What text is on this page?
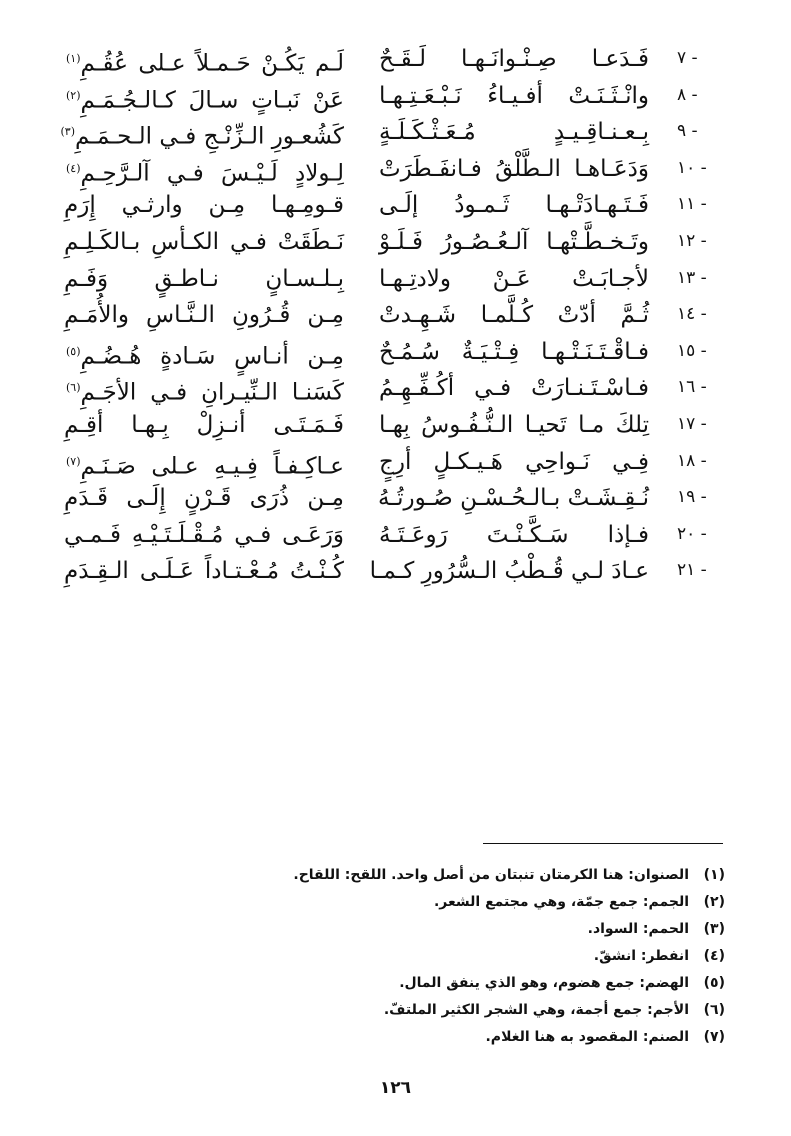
٧ -
فَـدَعـا صِـنْـوانَـهـا لَـقَـحٌ
لَـم يَكُـنْ حَـمـلاً عـلى عُقُـمِ(١)
٨ -
وانْـثَـنَـتْ أفـيـاءُ نَـبْـعَـتِـهـا
عَنْ نَبـاتٍ سـالَ كـالـجُـمَـمِ(٢)
٩ -
بِـعـنـاقِـيـدٍ مُـعَـثْـكَـلَـةٍ
كَشُعـورِ الـزِّنْـجِ فـي الـحـمَـمِ(٣)
١٠ -
وَدَعَـاهـا الـطَّلْقُ فـانفَـطَرَتْ
لِـولادٍ لَـيْـسَ فـي آلـرَّحِـمِ(٤)
١١ -
فَـتَـهـادَتْـهـا ثَـمـودُ إلَـى
قـومِـهـا مِـن وارثـي إِرَمِ
١٢ -
وتَـخـطَّـتْهـا آلـعُـصُـورُ فَـلَـوْ
نَـطَقَتْ فـي الكـأسِ بـالكَـلِـمِ
١٣ -
لأجـابَـتْ عَـنْ ولادتِـهـا
بِـلـسـانٍ نـاطـقٍ وَفَـمِ
١٤ -
ثُـمَّ أدّتْ كُـلَّمـا شَـهِـدتْ
مِـن قُـرُونِ الـنَّـاسِ والأُمَـمِ
١٥ -
فـاقْـتَـنَـتْـهـا فِـتْـيَـةٌ سُـمُـحٌ
مِـن أنـاسٍ سَـادةٍ هُـضُـمِ(٥)
١٦ -
فـاسْـتَـنـارَتْ فـي أكُـفِّـهِـمُ
كَسَنـا الـنِّيـرانِ فـي الأجَـمِ(٦)
١٧ -
تِلكَ مـا تَحيـا الـنُّـفُـوسُ بِهـا
فَـمَـتَـى أنـزِلْ بِـهـا أقِـمِ
١٨ -
فِـي نَـواحِي هَـيـكـلٍ أرِجٍ
عـاكِـفـاً فِـيـهِ عـلى صَـنَـمِ(٧)
١٩ -
نُـقِـشَـتْ بـالـحُـسْـنِ صُـورتُـهُ
مِـن ذُرَى قَـرْنٍ إِلَـى قَـدَمِ
٢٠ -
فـإذا سَـكَّـنْـتَ رَوعَـتَـهُ
وَرَعَـى فـي مُـقْـلَـتَـيْـهِ فَـمـي
٢١ -
عـادَ لـي قُـطْبُ الـسُّرُورِ كـمـا
كُـنْـتُ مُـعْـتـاداً عَـلَـى الـقِـدَمِ
(١)الصنوان: هنا الكرمتان تنبتان من أصل واحد. اللقح: اللقاح.
(٢)الجمم: جمع جمّة، وهي مجتمع الشعر.
(٣)الحمم: السواد.
(٤)انفطر: انشقّ.
(٥)الهضم: جمع هضوم، وهو الذي ينفق المال.
(٦)الأجم: جمع أجمة، وهي الشجر الكثير الملتفّ.
(٧)الصنم: المقصود به هنا الغلام.
١٢٦
